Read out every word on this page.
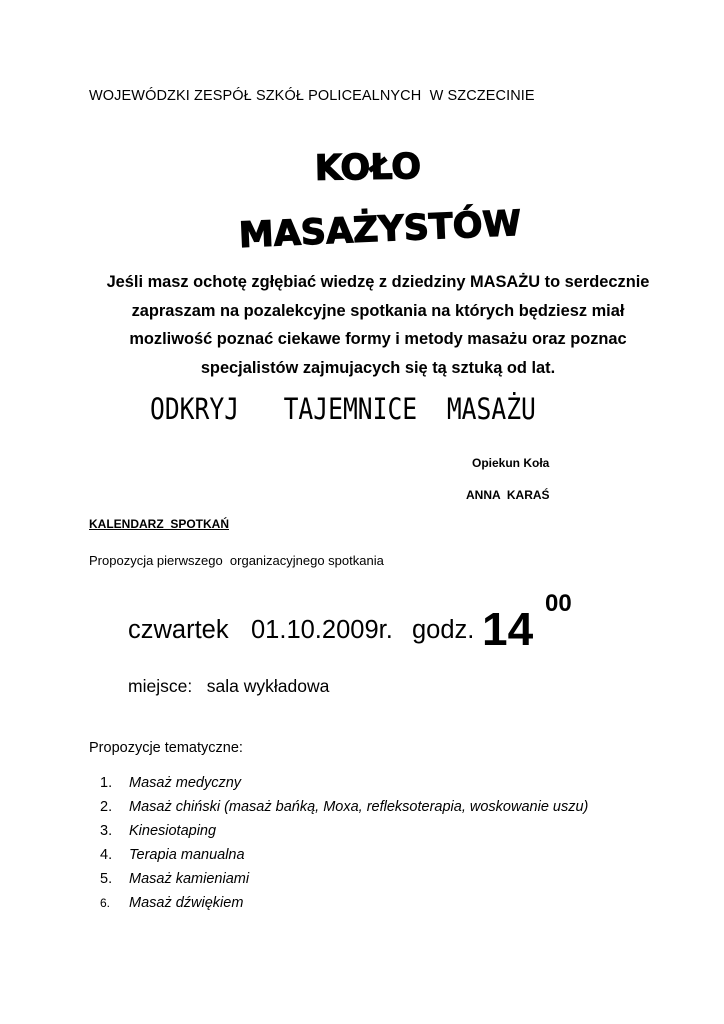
WOJEWÓDZKI ZESPÓŁ SZKÓŁ POLICEALNYCH  W SZCZECINIE
KOŁO
MASAŻYSTÓW
Jeśli masz ochotę zgłębiać wiedzę z dziedziny MASAŻU to serdecznie
zapraszam na pozalekcyjne spotkania na których będziesz miał
mozliwość poznać ciekawe formy i metody masażu oraz poznac
specjalistów zajmujacych się tą sztuką od lat.
ODKRYJ TAJEMNICE MASAŻU
Opiekun Koła
ANNA  KARAŚ
KALENDARZ  SPOTKAŃ
Propozycja pierwszego  organizacyjnego spotkania
czwartek 01.10.2009r. godz. 14 00
miejsce:   sala wykładowa
Propozycje tematyczne:
1. Masaż medyczny
2. Masaż chiński (masaż bańką, Moxa, refleksoterapia, woskowanie uszu)
3. Kinesiotaping
4. Terapia manualna
5. Masaż kamieniami
6. Masaż dźwiękiem
